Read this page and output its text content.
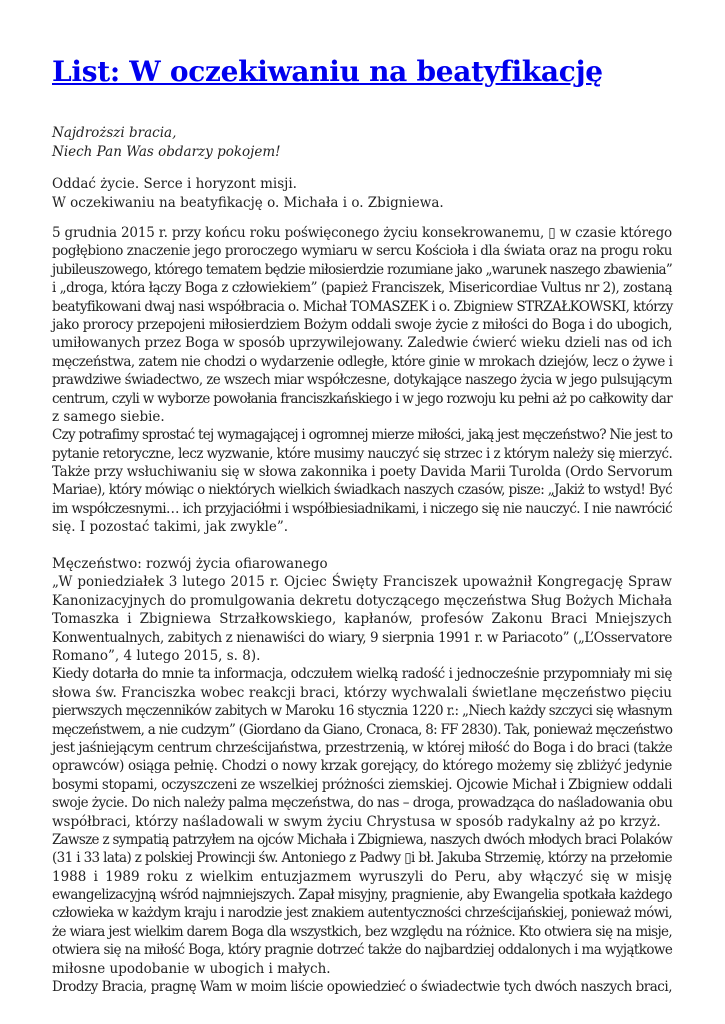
List: W oczekiwaniu na beatyfikację
Najdroższi bracia,
Niech Pan Was obdarzy pokojem!
Oddać życie. Serce i horyzont misji.
W oczekiwaniu na beatyfikację o. Michała i o. Zbigniewa.
5 grudnia 2015 r. przy końcu roku poświęconego życiu konsekrowanemu, ▯ w czasie którego
pogłębiono znaczenie jego proroczego wymiaru w sercu Kościoła i dla świata oraz na progu roku
jubileuszowego, którego tematem będzie miłosierdzie rozumiane jako „warunek naszego zbawienia”
i „droga, która łączy Boga z człowiekiem” (papież Franciszek, Misericordiae Vultus nr 2), zostaną
beatyfikowani dwaj nasi współbracia o. Michał TOMASZEK i o. Zbigniew STRZAŁKOWSKI, którzy
jako prorocy przepojeni miłosierdziem Bożym oddali swoje życie z miłości do Boga i do ubogich,
umiłowanych przez Boga w sposób uprzywilejowany. Zaledwie ćwierć wieku dzieli nas od ich
męczeństwa, zatem nie chodzi o wydarzenie odległe, które ginie w mrokach dziejów, lecz o żywe i
prawdziwe świadectwo, ze wszech miar współczesne, dotykające naszego życia w jego pulsującym
centrum, czyli w wyborze powołania franciszkańskiego i w jego rozwoju ku pełni aż po całkowity dar
z samego siebie.
Czy potrafimy sprostać tej wymagającej i ogromnej mierze miłości, jaką jest męczeństwo? Nie jest to
pytanie retoryczne, lecz wyzwanie, które musimy nauczyć się strzec i z którym należy się mierzyć.
Także przy wsłuchiwaniu się w słowa zakonnika i poety Davida Marii Turolda (Ordo Servorum
Mariae), który mówiąc o niektórych wielkich świadkach naszych czasów, pisze: „Jakiż to wstyd! Być
im współczesnymi… ich przyjaciółmi i współbiesiadnikami, i niczego się nie nauczyć. I nie nawrócić
się. I pozostać takimi, jak zwykle”.
Męczeństwo: rozwój życia ofiarowanego
„W poniedziałek 3 lutego 2015 r. Ojciec Święty Franciszek upoważnił Kongregację Spraw
Kanonizacyjnych do promulgowania dekretu dotyczącego męczeństwa Sług Bożych Michała
Tomaszka i Zbigniewa Strzałkowskiego, kapłanów, profesów Zakonu Braci Mniejszych
Konwentualnych, zabitych z nienawiści do wiary, 9 sierpnia 1991 r. w Pariacoto” („L’Osservatore
Romano”, 4 lutego 2015, s. 8).
Kiedy dotarła do mnie ta informacja, odczułem wielką radość i jednocześnie przypomniały mi się
słowa św. Franciszka wobec reakcji braci, którzy wychwalali świetlane męczeństwo pięciu
pierwszych męczenników zabitych w Maroku 16 stycznia 1220 r.: „Niech każdy szczyci się własnym
męczeństwem, a nie cudzym” (Giordano da Giano, Cronaca, 8: FF 2830). Tak, ponieważ męczeństwo
jest jaśniejącym centrum chrześcijaństwa, przestrzenią, w której miłość do Boga i do braci (także
oprawców) osiąga pełnię. Chodzi o nowy krzak gorejący, do którego możemy się zbliżyć jedynie
bosymi stopami, oczyszczeni ze wszelkiej próżności ziemskiej. Ojcowie Michał i Zbigniew oddali
swoje życie. Do nich należy palma męczeństwa, do nas – droga, prowadząca do naśladowania obu
współbraci, którzy naśladowali w swym życiu Chrystusa w sposób radykalny aż po krzyż.
Zawsze z sympatią patrzyłem na ojców Michała i Zbigniewa, naszych dwóch młodych braci Polaków
(31 i 33 lata) z polskiej Prowincji św. Antoniego z Padwy ▯i bł. Jakuba Strzemię, którzy na przełomie
1988 i 1989 roku z wielkim entuzjazmem wyruszyli do Peru, aby włączyć się w misję
ewangelizacyjną wśród najmniejszych. Zapał misyjny, pragnienie, aby Ewangelia spotkała każdego
człowieka w każdym kraju i narodzie jest znakiem autentyczności chrześcijańskiej, ponieważ mówi,
że wiara jest wielkim darem Boga dla wszystkich, bez względu na różnice. Kto otwiera się na misje,
otwiera się na miłość Boga, który pragnie dotrzeć także do najbardziej oddalonych i ma wyjątkowe
miłosne upodobanie w ubogich i małych.
Drodzy Bracia, pragnę Wam w moim liście opowiedzieć o świadectwie tych dwóch naszych braci,
